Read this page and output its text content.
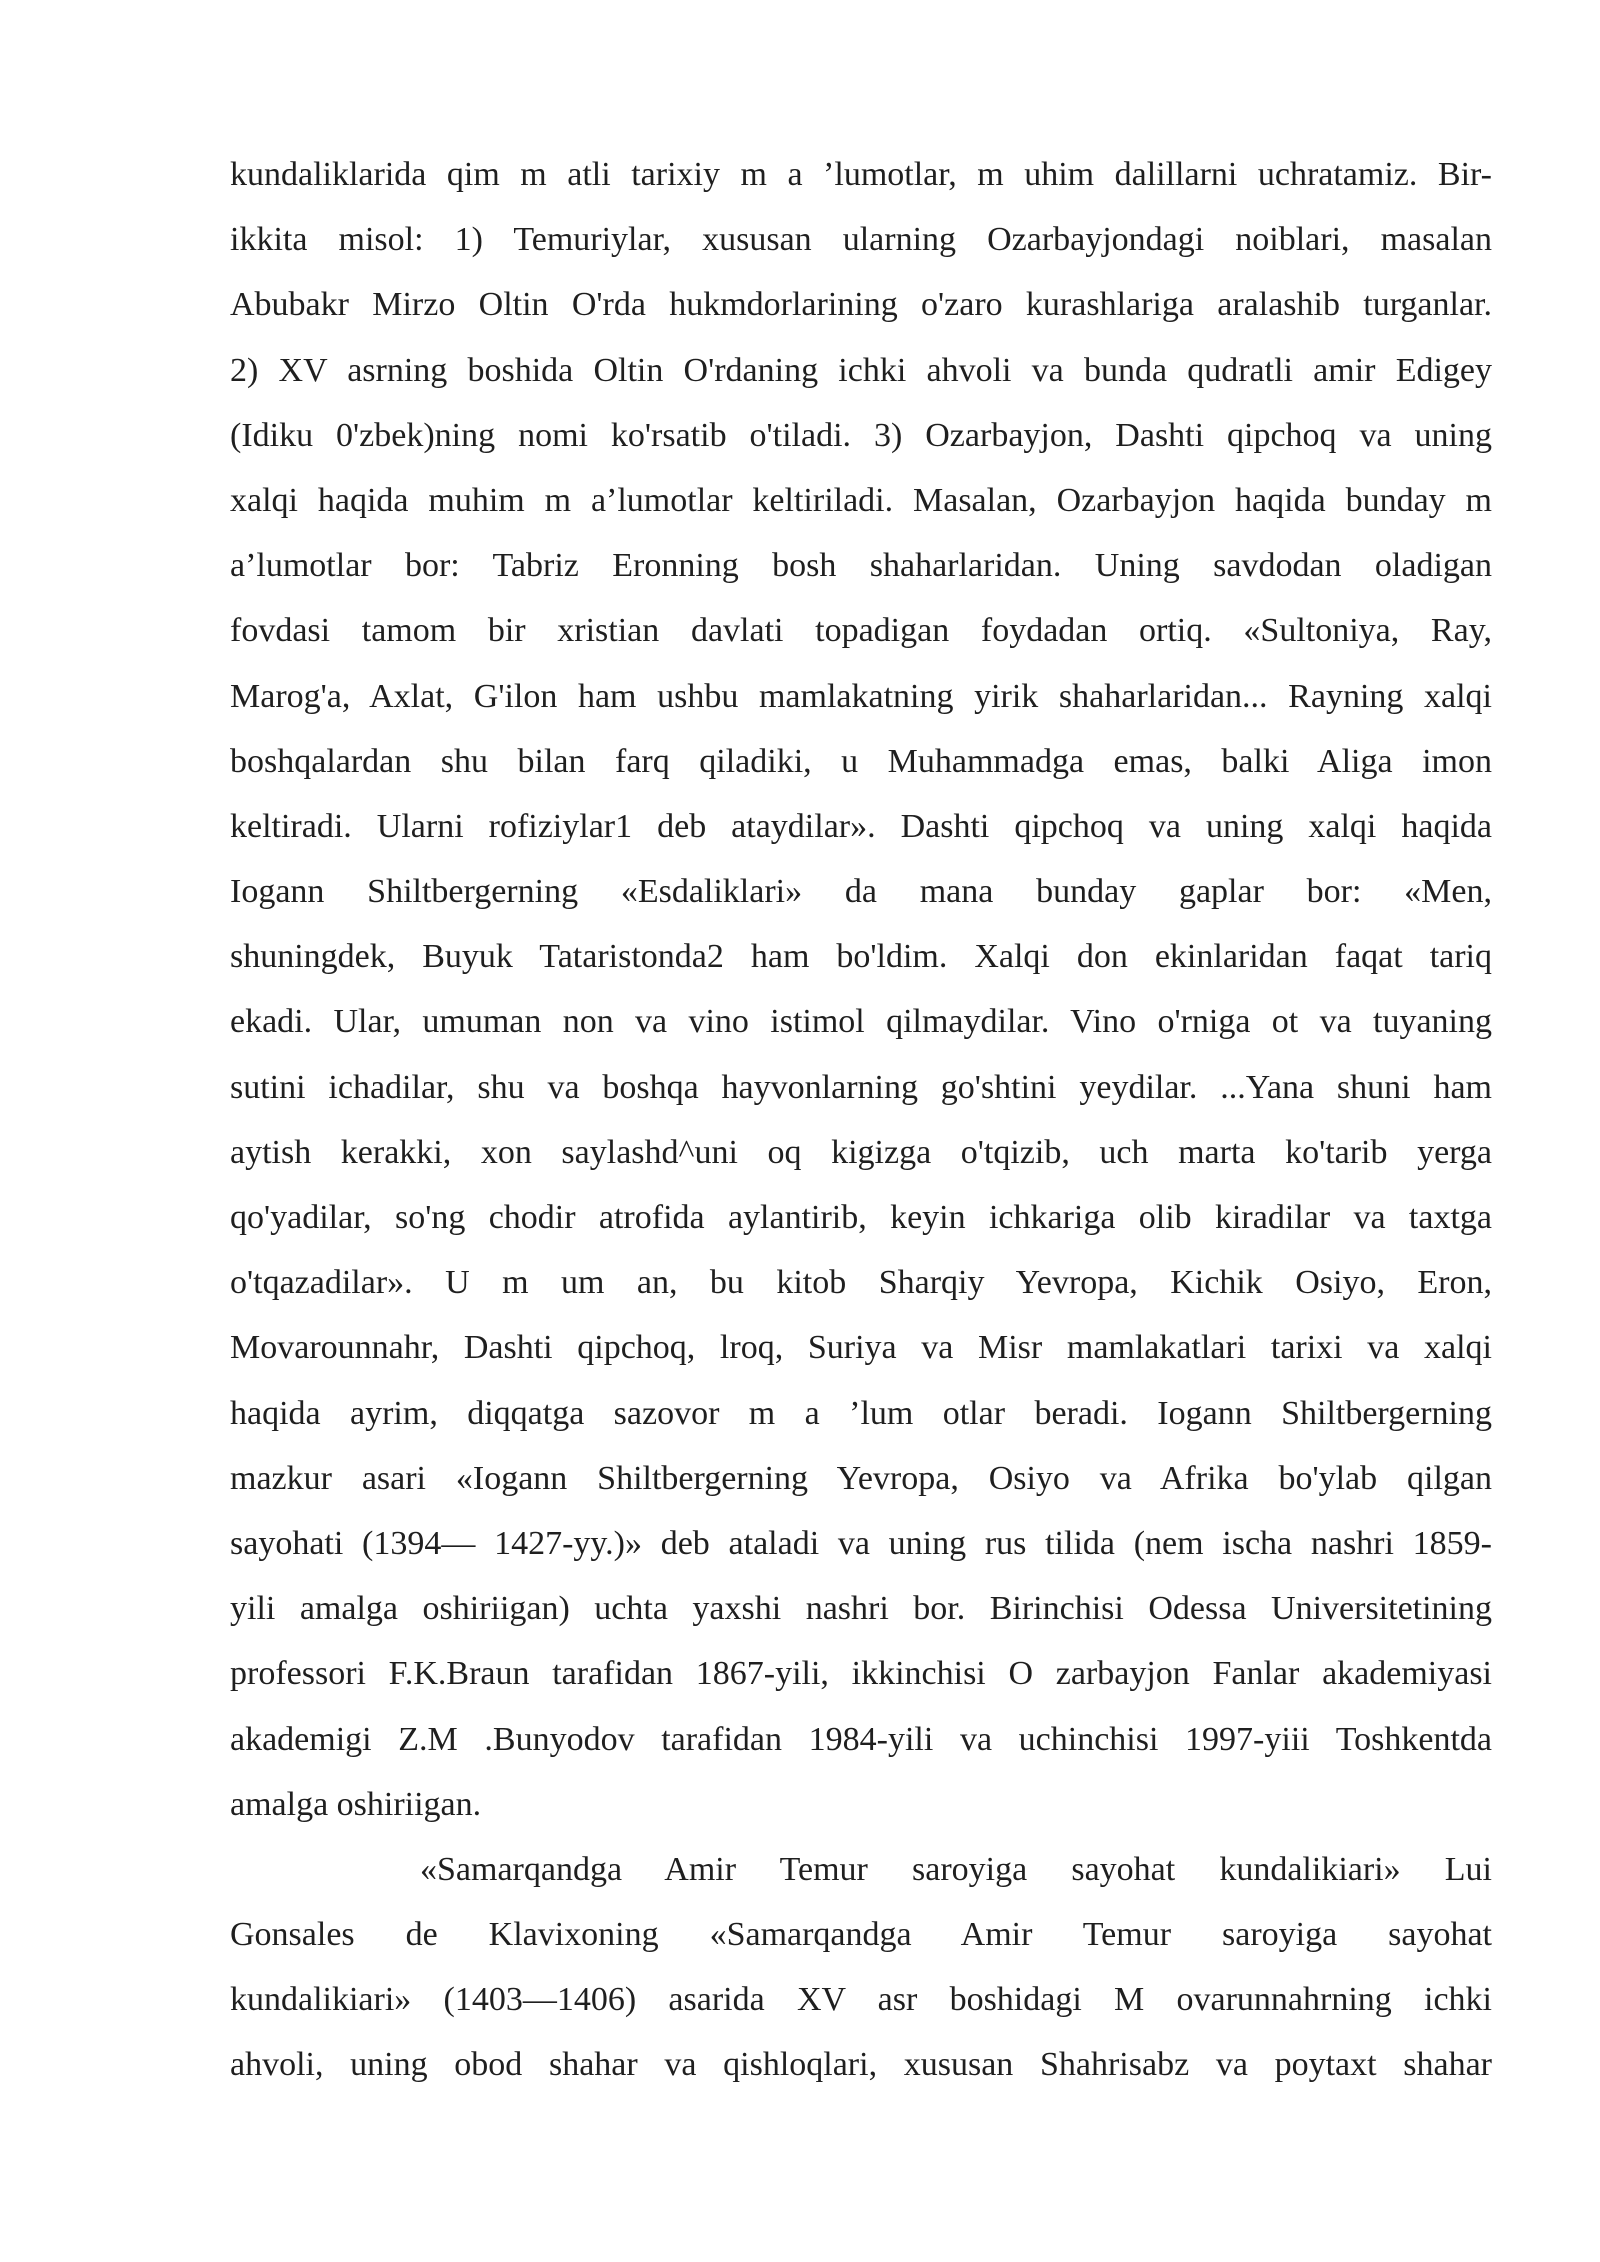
kundaliklarida qim m atli tarixiy m a ’lumotlar, m uhim dalillarni uchratamiz. Bir-
ikkita misol: 1) Temuriylar, xususan ularning Ozarbayjondagi noiblari, masalan
Abubakr Mirzo Oltin O'rda hukmdorlarining o'zaro kurashlariga aralashib turganlar.
2) XV asrning boshida Oltin O'rdaning ichki ahvoli va bunda qudratli amir Edigey
(Idiku 0'zbek)ning nomi ko'rsatib o'tiladi. 3) Ozarbayjon, Dashti qipchoq va uning
xalqi haqida muhim m a’lumotlar keltiriladi. Masalan, Ozarbayjon haqida bunday m
a’lumotlar bor: Tabriz Eronning bosh shaharlaridan. Uning savdodan oladigan
fovdasi tamom bir xristian davlati topadigan foydadan ortiq. «Sultoniya, Ray,
Marog'a, Axlat, G'ilon ham ushbu mamlakatning yirik shaharlaridan... Rayning xalqi
boshqalardan shu bilan farq qiladiki, u Muhammadga emas, balki Aliga imon
keltiradi. Ularni rofiziylar1 deb ataydilar». Dashti qipchoq va uning xalqi haqida
Iogann Shiltbergerning «Esdaliklari» da mana bunday gaplar bor: «Men,
shuningdek, Buyuk Tataristonda2 ham bo'ldim. Xalqi don ekinlaridan faqat tariq
ekadi. Ular, umuman non va vino istimol qilmaydilar. Vino o'rniga ot va tuyaning
sutini ichadilar, shu va boshqa hayvonlarning go'shtini yeydilar. ...Yana shuni ham
aytish kerakki, xon saylashd^uni oq kigizga o'tqizib, uch marta ko'tarib yerga
qo'yadilar, so'ng chodir atrofida aylantirib, keyin ichkariga olib kiradilar va taxtga
o'tqazadilar». U m um an, bu kitob Sharqiy Yevropa, Kichik Osiyo, Eron,
Movarounnahr, Dashti qipchoq, lroq, Suriya va Misr mamlakatlari tarixi va xalqi
haqida ayrim, diqqatga sazovor m a ’lum otlar beradi. Iogann Shiltbergerning
mazkur asari «Iogann Shiltbergerning Yevropa, Osiyo va Afrika bo'ylab qilgan
sayohati (1394— 1427-yy.)» deb ataladi va uning rus tilida (nem ischa nashri 1859-
yili amalga oshiriigan) uchta yaxshi nashri bor. Birinchisi Odessa Universitetining
professori F.K.Braun tarafidan 1867-yili, ikkinchisi O zarbayjon Fanlar akademiyasi
akademigi Z.M .Bunyodov tarafidan 1984-yili va uchinchisi 1997-yiii Toshkentda
amalga oshiriigan.
«Samarqandga Amir Temur saroyiga sayohat kundalikiari» Lui
Gonsales de Klavixoning «Samarqandga Amir Temur saroyiga sayohat
kundalikiari» (1403—1406) asarida XV asr boshidagi M ovarunnahrning ichki
ahvoli, uning obod shahar va qishloqlari, xususan Shahrisabz va poytaxt shahar
